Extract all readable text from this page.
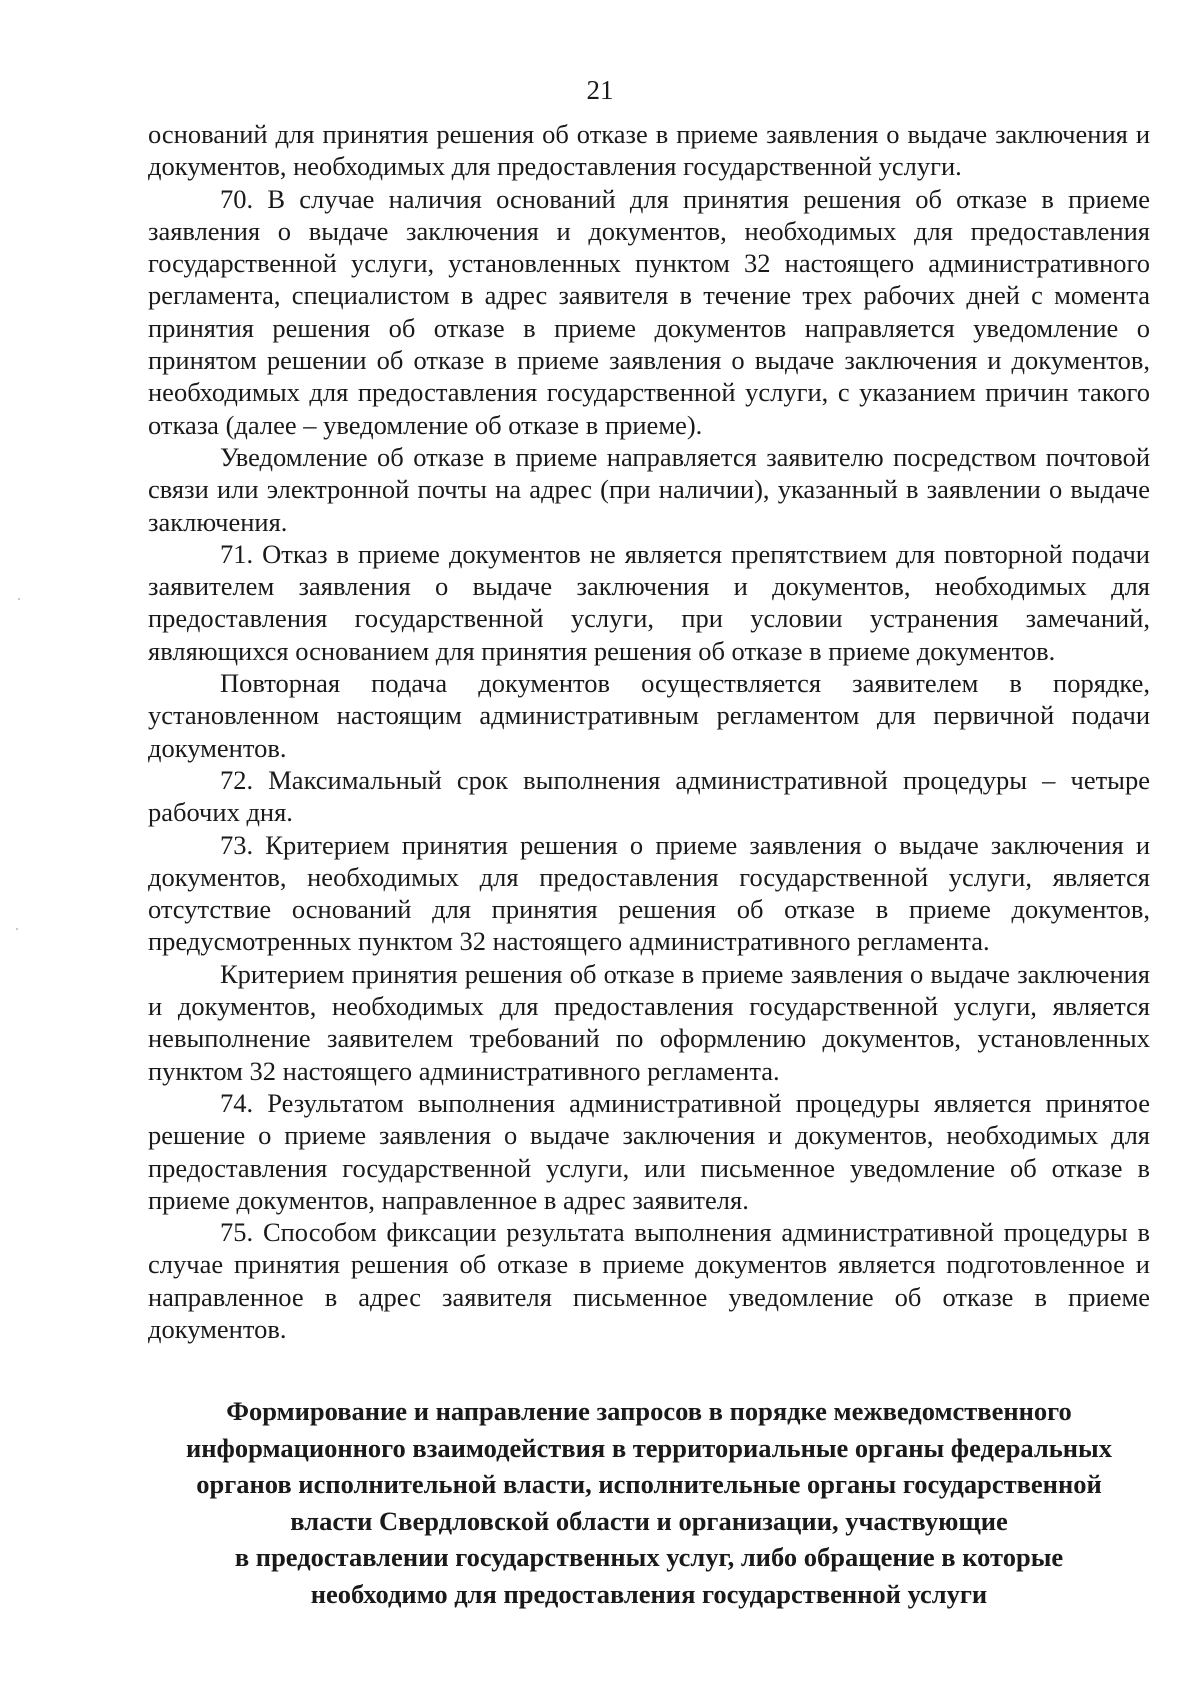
21

оснований для принятия решения об отказе в приеме заявления о выдаче заключения и документов, необходимых для предоставления государственной услуги.

70. В случае наличия оснований для принятия решения об отказе в приеме заявления о выдаче заключения и документов, необходимых для предоставления государственной услуги, установленных пунктом 32 настоящего административного регламента, специалистом в адрес заявителя в течение трех рабочих дней с момента принятия решения об отказе в приеме документов направляется уведомление о принятом решении об отказе в приеме заявления о выдаче заключения и документов, необходимых для предоставления государственной услуги, с указанием причин такого отказа (далее – уведомление об отказе в приеме).

Уведомление об отказе в приеме направляется заявителю посредством почтовой связи или электронной почты на адрес (при наличии), указанный в заявлении о выдаче заключения.

71. Отказ в приеме документов не является препятствием для повторной подачи заявителем заявления о выдаче заключения и документов, необходимых для предоставления государственной услуги, при условии устранения замечаний, являющихся основанием для принятия решения об отказе в приеме документов.

Повторная подача документов осуществляется заявителем в порядке, установленном настоящим административным регламентом для первичной подачи документов.

72. Максимальный срок выполнения административной процедуры – четыре рабочих дня.

73. Критерием принятия решения о приеме заявления о выдаче заключения и документов, необходимых для предоставления государственной услуги, является отсутствие оснований для принятия решения об отказе в приеме документов, предусмотренных пунктом 32 настоящего административного регламента.

Критерием принятия решения об отказе в приеме заявления о выдаче заключения и документов, необходимых для предоставления государственной услуги, является невыполнение заявителем требований по оформлению документов, установленных пунктом 32 настоящего административного регламента.

74. Результатом выполнения административной процедуры является принятое решение о приеме заявления о выдаче заключения и документов, необходимых для предоставления государственной услуги, или письменное уведомление об отказе в приеме документов, направленное в адрес заявителя.

75. Способом фиксации результата выполнения административной процедуры в случае принятия решения об отказе в приеме документов является подготовленное и направленное в адрес заявителя письменное уведомление об отказе в приеме документов.

Формирование и направление запросов в порядке межведомственного
информационного взаимодействия в территориальные органы федеральных
органов исполнительной власти, исполнительные органы государственной
власти Свердловской области и организации, участвующие
в предоставлении государственных услуг, либо обращение в которые
необходимо для предоставления государственной услуги
